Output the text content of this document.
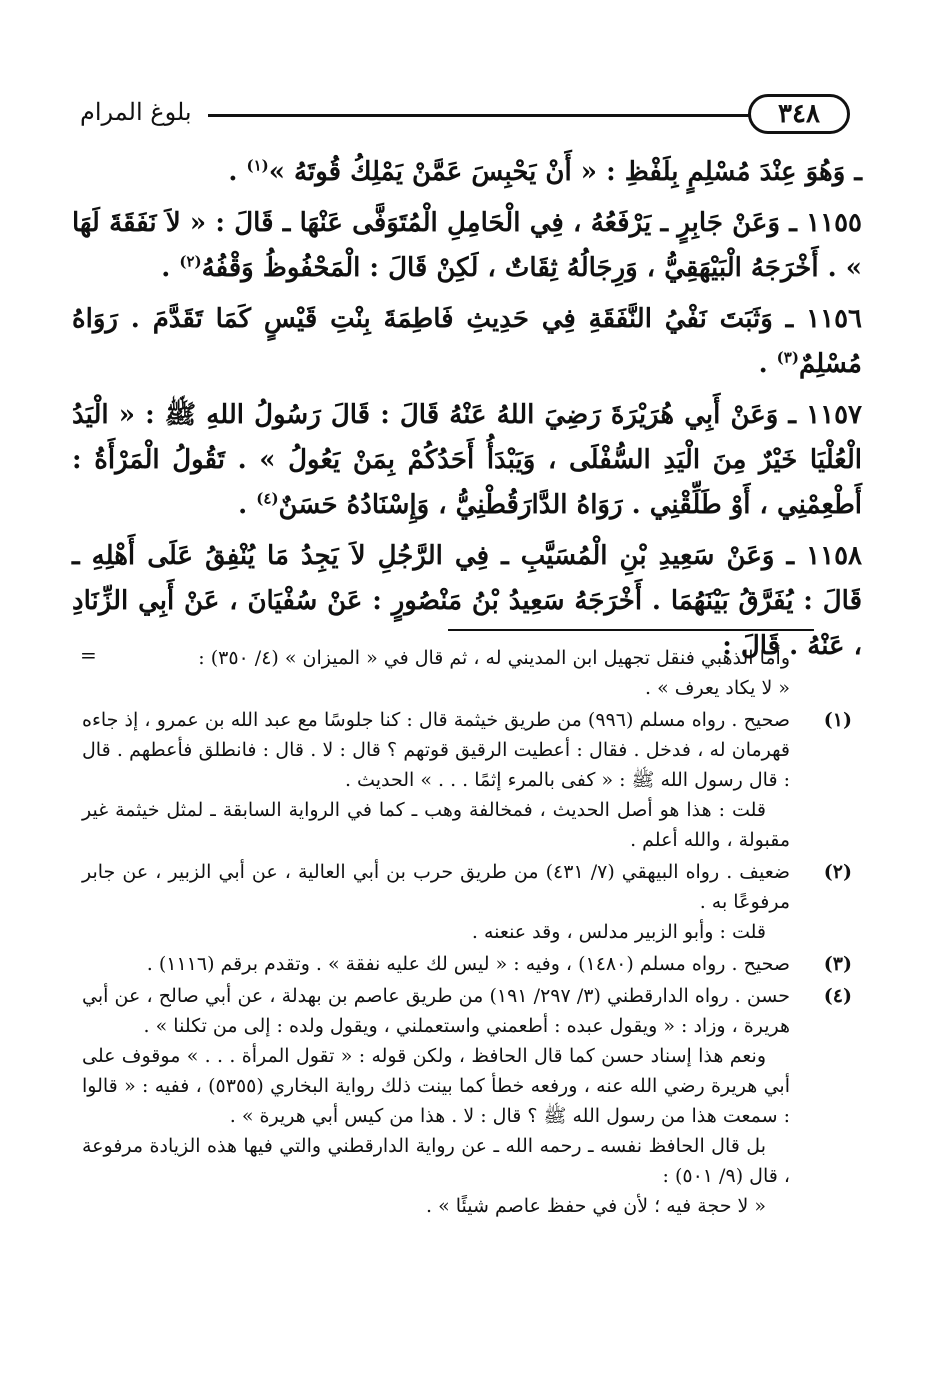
٣٤٨
بلوغ المرام

ـ وَهُوَ عِنْدَ مُسْلِمٍ بِلَفْظِ : « أَنْ يَحْبِسَ عَمَّنْ يَمْلِكُ قُوتَهُ »$^{(١)}$ .

١١٥٥ ـ وَعَنْ جَابِرٍ ـ يَرْفَعُهُ ، فِي الْحَامِلِ الْمُتَوَفَّى عَنْهَا ـ قَالَ : « لاَ نَفَقَةَ لَهَا » . أَخْرَجَهُ الْبَيْهَقِيُّ ، وَرِجَالُهُ ثِقَاتٌ ، لَكِنْ قَالَ : الْمَحْفُوظُ وَقْفُهُ$^{(٢)}$ .

١١٥٦ ـ وَثَبَتَ نَفْيُ النَّفَقَةِ فِي حَدِيثِ فَاطِمَةَ بِنْتِ قَيْسٍ كَمَا تَقَدَّمَ . رَوَاهُ مُسْلِمٌ$^{(٣)}$ .

١١٥٧ ـ وَعَنْ أَبِي هُرَيْرَةَ رَضِيَ اللهُ عَنْهُ قَالَ : قَالَ رَسُولُ اللهِ ﷺ : « الْيَدُ الْعُلْيَا خَيْرٌ مِنَ الْيَدِ السُّفْلَى ، وَيَبْدَأُ أَحَدُكُمْ بِمَنْ يَعُولُ » . تَقُولُ الْمَرْأَةُ : أَطْعِمْنِي ، أَوْ طَلِّقْنِي . رَوَاهُ الدَّارَقُطْنِيُّ ، وَإِسْنَادُهُ حَسَنٌ$^{(٤)}$ .

١١٥٨ ـ وَعَنْ سَعِيدِ بْنِ الْمُسَيَّبِ ـ فِي الرَّجُلِ لاَ يَجِدُ مَا يُنْفِقُ عَلَى أَهْلِهِ ـ قَالَ : يُفَرَّقُ بَيْنَهُمَا . أَخْرَجَهُ سَعِيدُ بْنُ مَنْصُورٍ : عَنْ سُفْيَانَ ، عَنْ أَبِي الزِّنَادِ ، عَنْهُ . قَالَ :

وأما الذهبي فنقل تجهيل ابن المديني له ، ثم قال في « الميزان » (٤/ ٣٥٠) :
« لا يكاد يعرف » .
=
(١)
صحيح . رواه مسلم (٩٩٦) من طريق خيثمة قال : كنا جلوسًا مع عبد الله بن عمرو ، إذ جاءه قهرمان له ، فدخل . فقال : أعطيت الرقيق قوتهم ؟ قال : لا . قال : فانطلق فأعطهم . قال : قال رسول الله ﷺ : « كفى بالمرء إثمًا . . . » الحديث .
قلت : هذا هو أصل الحديث ، فمخالفة وهب ـ كما في الرواية السابقة ـ لمثل خيثمة غير مقبولة ، والله أعلم .
(٢)
ضعيف . رواه البيهقي (٧/ ٤٣١) من طريق حرب بن أبي العالية ، عن أبي الزبير ، عن جابر مرفوعًا به .
قلت : وأبو الزبير مدلس ، وقد عنعنه .
(٣)
صحيح . رواه مسلم (١٤٨٠) ، وفيه : « ليس لك عليه نفقة » . وتقدم برقم (١١١٦) .
(٤)
حسن . رواه الدارقطني (٣/ ٢٩٧/ ١٩١) من طريق عاصم بن بهدلة ، عن أبي صالح ، عن أبي هريرة ، وزاد : « ويقول عبده : أطعمني واستعملني ، ويقول ولده : إلى من تكلنا » .
ونعم هذا إسناد حسن كما قال الحافظ ، ولكن قوله : « تقول المرأة . . . » موقوف على أبي هريرة رضي الله عنه ، ورفعه خطأ كما بينت ذلك رواية البخاري (٥٣٥٥) ، ففيه : « قالوا : سمعت هذا من رسول الله ﷺ ؟ قال : لا . هذا من كيس أبي هريرة » .
بل قال الحافظ نفسه ـ رحمه الله ـ عن رواية الدارقطني والتي فيها هذه الزيادة مرفوعة ، قال (٩/ ٥٠١) :
« لا حجة فيه ؛ لأن في حفظ عاصم شيئًا » .
